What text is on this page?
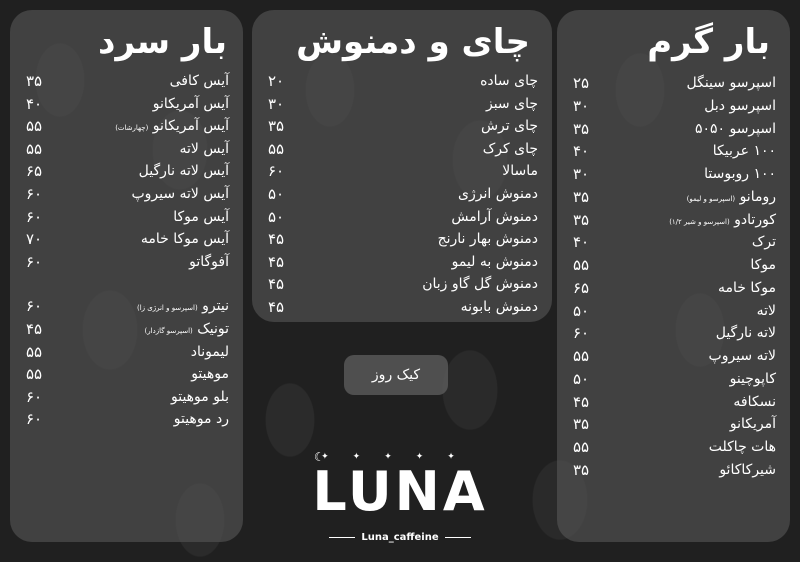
بار سرد
آیس کافی
۳۵
آیس آمریکانو
۴۰
آیس آمریکانو (چهارشات)
۵۵
آیس لاته
۵۵
آیس لاته نارگیل
۶۵
آیس لاته سیروپ
۶۰
آیس موکا
۶۰
آیس موکا خامه
۷۰
آفوگاتو
۶۰
نیترو (اسپرسو و انرژی زا)
۶۰
تونیک (اسپرسو گازدار)
۴۵
لیموناد
۵۵
موهیتو
۵۵
بلو موهیتو
۶۰
رد موهیتو
۶۰
چای و دمنوش
چای ساده
۲۰
چای سبز
۳۰
چای ترش
۳۵
چای کرک
۵۵
ماسالا
۶۰
دمنوش انرژی
۵۰
دمنوش آرامش
۵۰
دمنوش بهار نارنج
۴۵
دمنوش به لیمو
۴۵
دمنوش گل گاو زبان
۴۵
دمنوش بابونه
۴۵
کیک روز
بار گرم
اسپرسو سینگل
۲۵
اسپرسو دبل
۳۰
اسپرسو ۵۰۵۰
۳۵
۱۰۰ عربیکا
۴۰
۱۰۰ روبوستا
۳۰
رومانو (اسپرسو و لیمو)
۳۵
کورتادو (اسپرسو و شیر ۱/۲)
۳۵
ترک
۴۰
موکا
۵۵
موکا خامه
۶۵
لاته
۵۰
لاته نارگیل
۶۰
لاته سیروپ
۵۵
کاپوچینو
۵۰
نسکافه
۴۵
آمریکانو
۳۵
هات چاکلت
۵۵
شیرکاکائو
۳۵
✦✦✦✦✦
☾
LUNA
Luna_caffeine
